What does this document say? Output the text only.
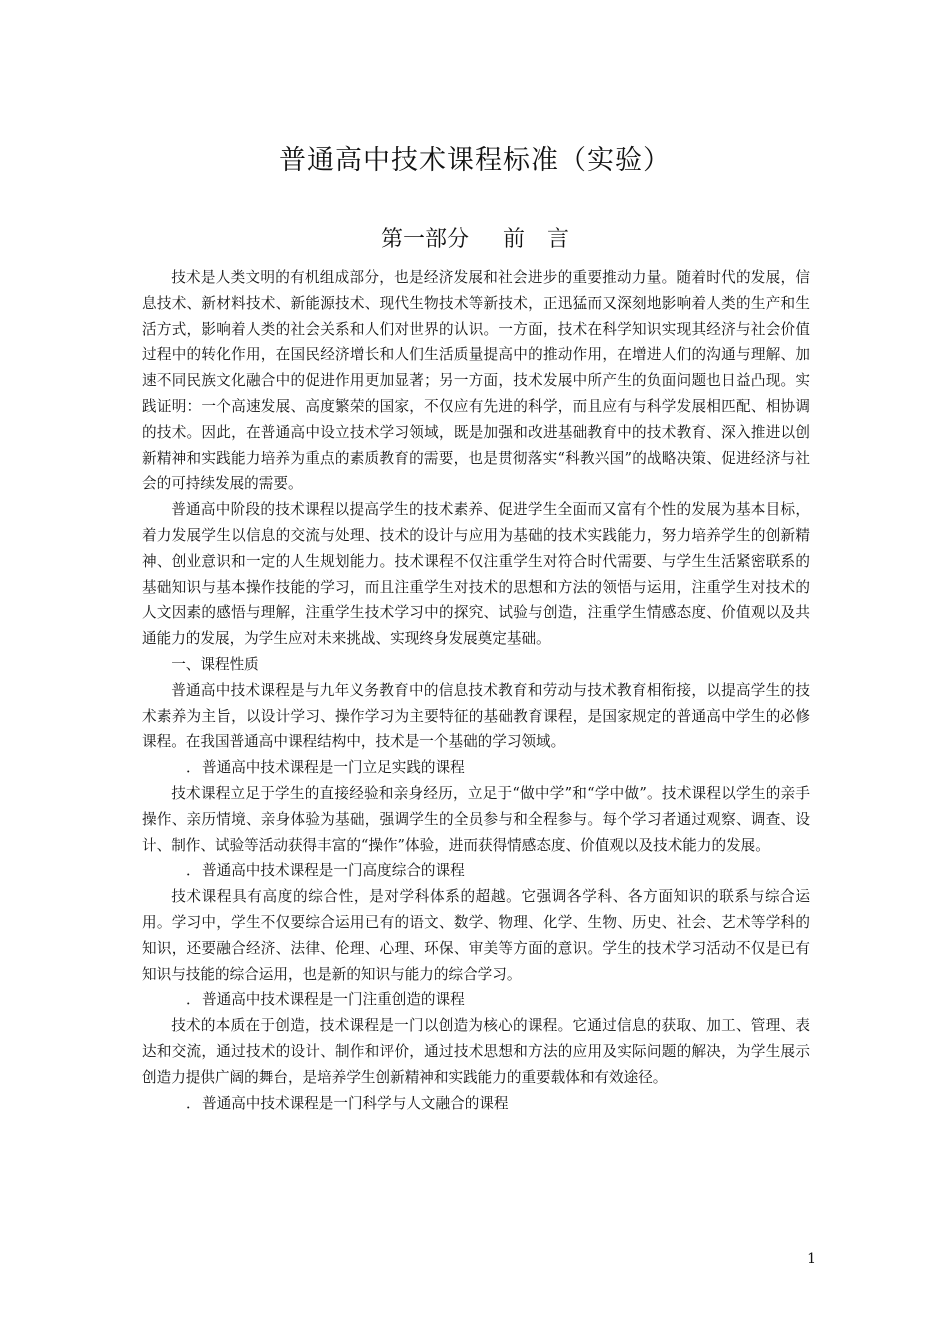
普通高中技术课程标准（实验）
第一部分 前 言

技术是人类文明的有机组成部分，也是经济发展和社会进步的重要推动力量。随着时代的发展，信息技术、新材料技术、新能源技术、现代生物技术等新技术，正迅猛而又深刻地影响着人类的生产和生活方式，影响着人类的社会关系和人们对世界的认识。一方面，技术在科学知识实现其经济与社会价值过程中的转化作用，在国民经济增长和人们生活质量提高中的推动作用，在增进人们的沟通与理解、加速不同民族文化融合中的促进作用更加显著；另一方面，技术发展中所产生的负面问题也日益凸现。实践证明：一个高速发展、高度繁荣的国家，不仅应有先进的科学，而且应有与科学发展相匹配、相协调的技术。因此，在普通高中设立技术学习领域，既是加强和改进基础教育中的技术教育、深入推进以创新精神和实践能力培养为重点的素质教育的需要，也是贯彻落实“科教兴国”的战略决策、促进经济与社会的可持续发展的需要。

普通高中阶段的技术课程以提高学生的技术素养、促进学生全面而又富有个性的发展为基本目标，着力发展学生以信息的交流与处理、技术的设计与应用为基础的技术实践能力，努力培养学生的创新精神、创业意识和一定的人生规划能力。技术课程不仅注重学生对符合时代需要、与学生生活紧密联系的基础知识与基本操作技能的学习，而且注重学生对技术的思想和方法的领悟与运用，注重学生对技术的人文因素的感悟与理解，注重学生技术学习中的探究、试验与创造，注重学生情感态度、价值观以及共通能力的发展，为学生应对未来挑战、实现终身发展奠定基础。

一、课程性质

普通高中技术课程是与九年义务教育中的信息技术教育和劳动与技术教育相衔接，以提高学生的技术素养为主旨，以设计学习、操作学习为主要特征的基础教育课程，是国家规定的普通高中学生的必修课程。在我国普通高中课程结构中，技术是一个基础的学习领域。

．普通高中技术课程是一门立足实践的课程

技术课程立足于学生的直接经验和亲身经历，立足于“做中学”和“学中做”。技术课程以学生的亲手操作、亲历情境、亲身体验为基础，强调学生的全员参与和全程参与。每个学习者通过观察、调查、设计、制作、试验等活动获得丰富的“操作”体验，进而获得情感态度、价值观以及技术能力的发展。

．普通高中技术课程是一门高度综合的课程

技术课程具有高度的综合性，是对学科体系的超越。它强调各学科、各方面知识的联系与综合运用。学习中，学生不仅要综合运用已有的语文、数学、物理、化学、生物、历史、社会、艺术等学科的知识，还要融合经济、法律、伦理、心理、环保、审美等方面的意识。学生的技术学习活动不仅是已有知识与技能的综合运用，也是新的知识与能力的综合学习。

．普通高中技术课程是一门注重创造的课程

技术的本质在于创造，技术课程是一门以创造为核心的课程。它通过信息的获取、加工、管理、表达和交流，通过技术的设计、制作和评价，通过技术思想和方法的应用及实际问题的解决，为学生展示创造力提供广阔的舞台，是培养学生创新精神和实践能力的重要载体和有效途径。

．普通高中技术课程是一门科学与人文融合的课程

1
